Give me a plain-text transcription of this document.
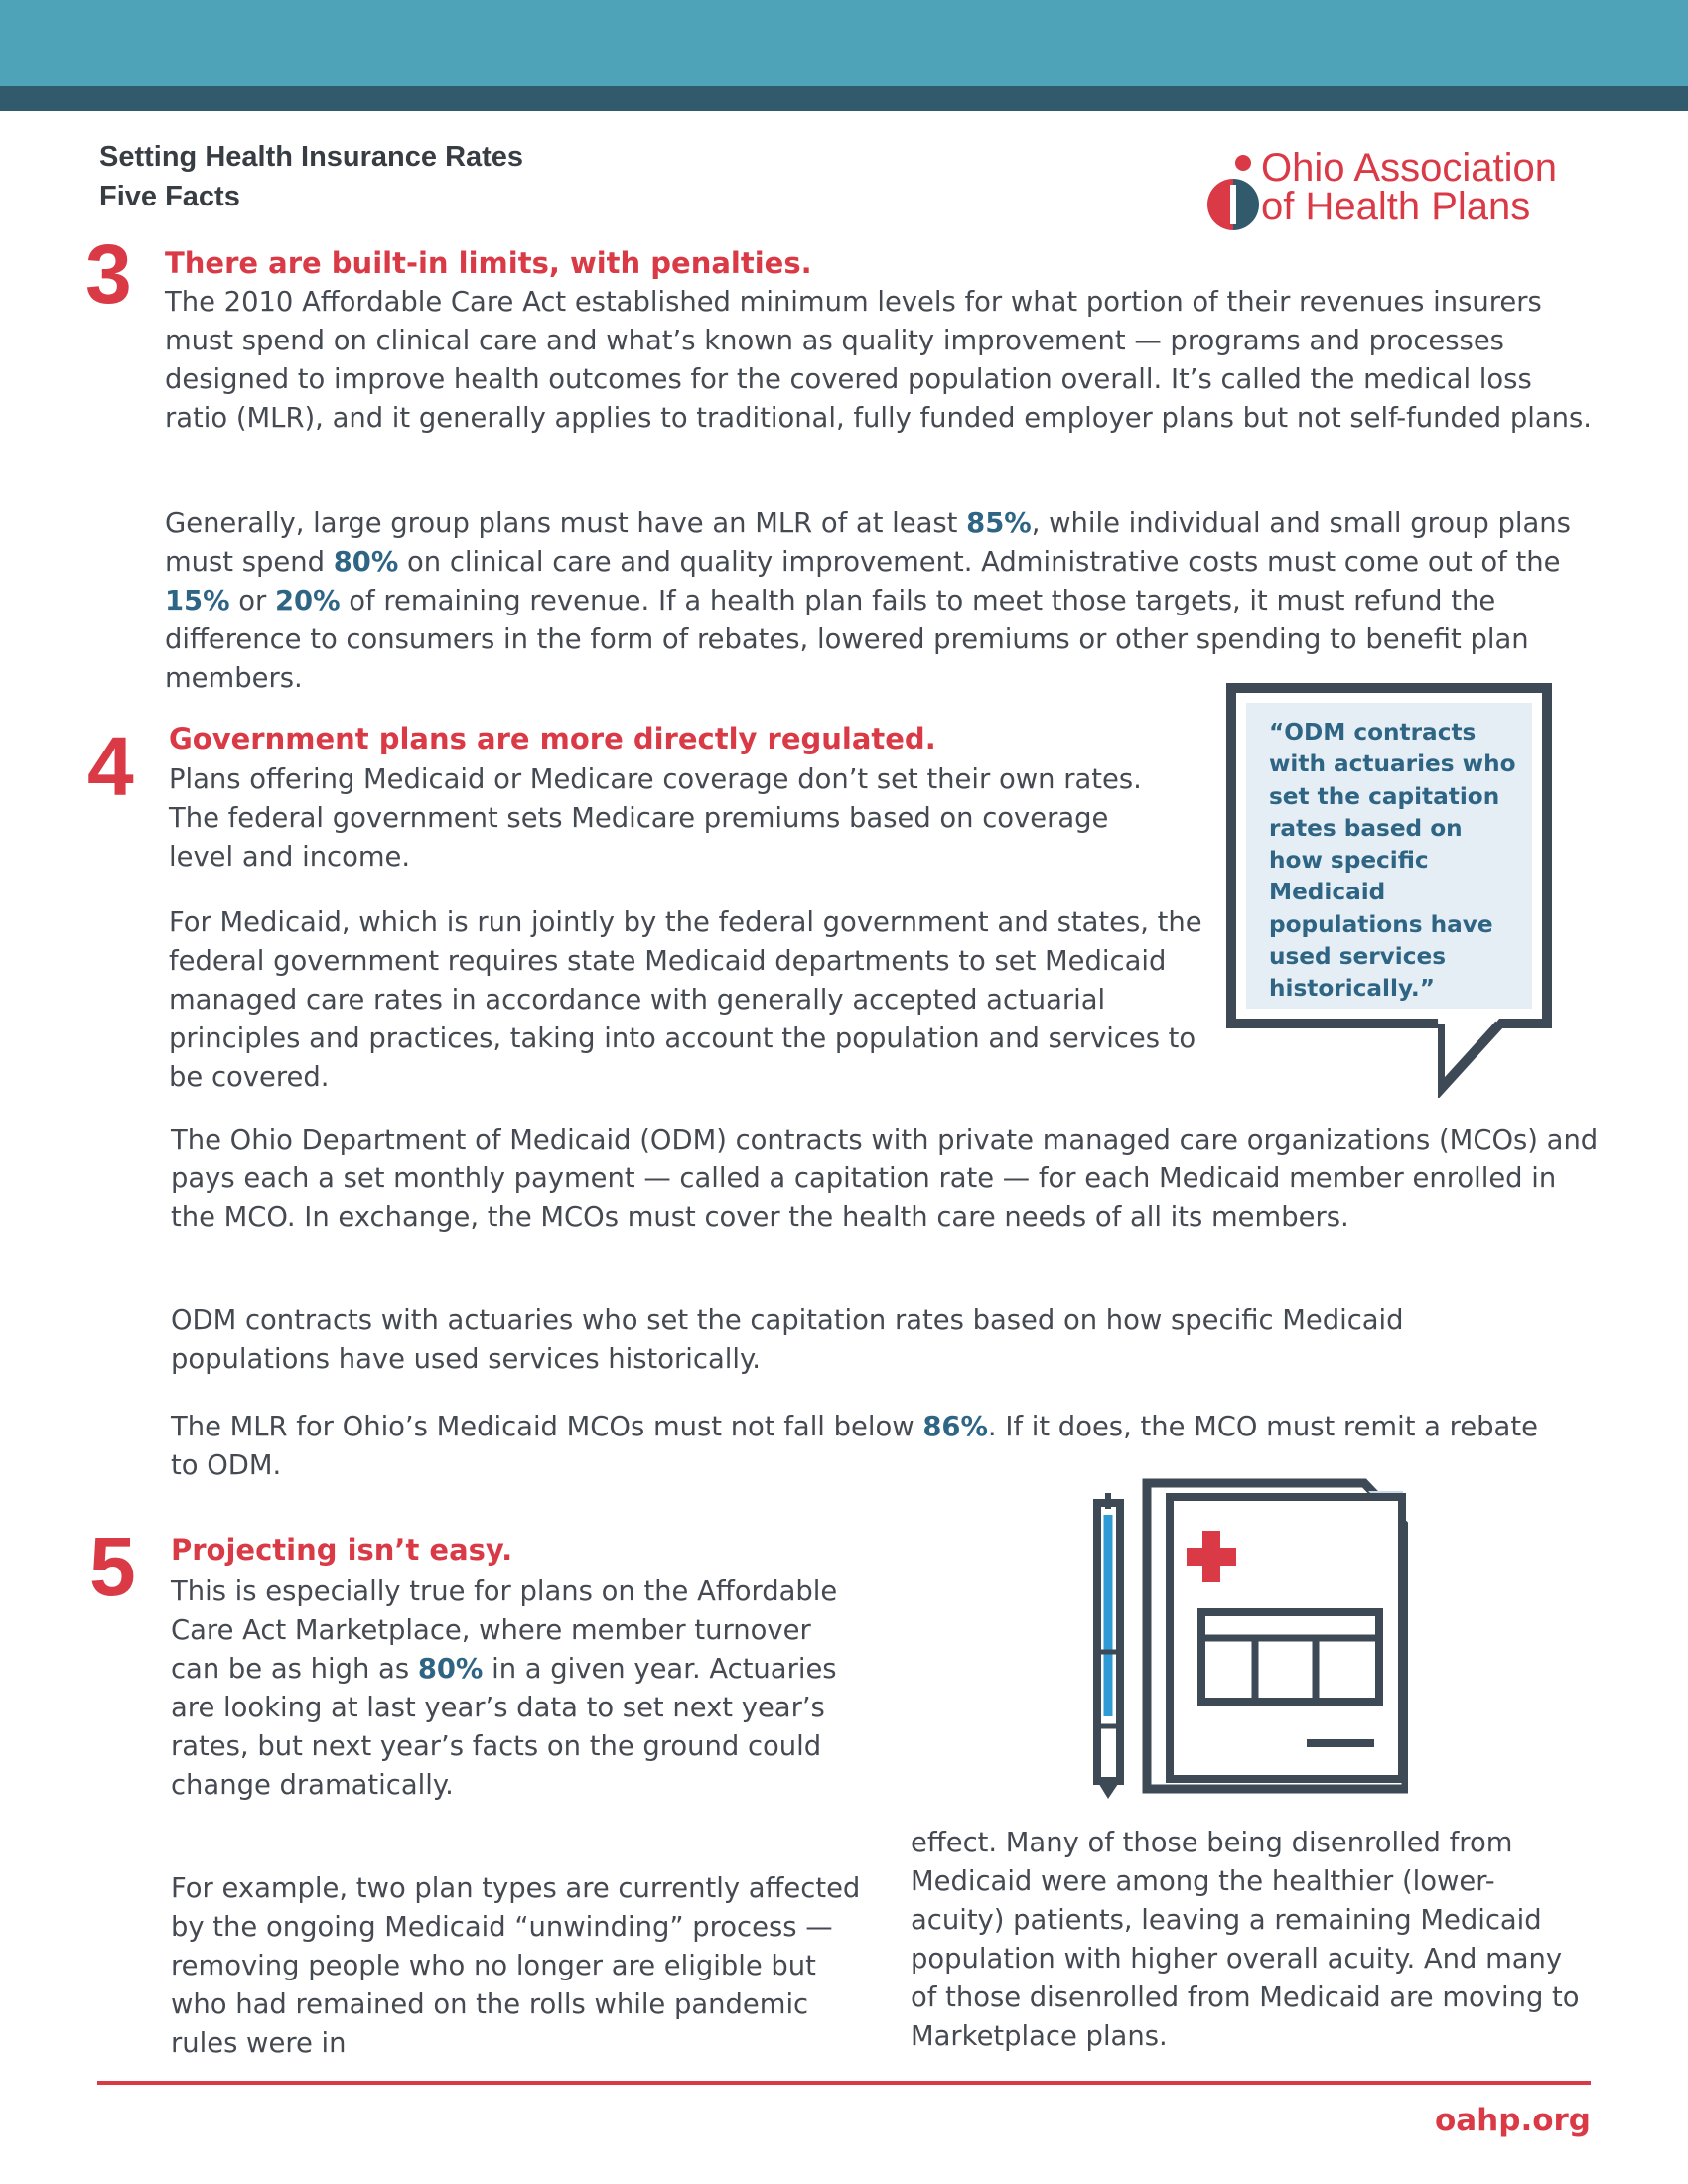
Setting Health Insurance Rates
Five Facts
Ohio Association
of Health Plans
3 There are built-in limits, with penalties.
The 2010 Affordable Care Act established minimum levels for what portion of their revenues insurers must spend on clinical care and what’s known as quality improvement — programs and processes designed to improve health outcomes for the covered population overall. It’s called the medical loss ratio (MLR), and it generally applies to traditional, fully funded employer plans but not self-funded plans.
Generally, large group plans must have an MLR of at least 85%, while individual and small group plans must spend 80% on clinical care and quality improvement. Administrative costs must come out of the 15% or 20% of remaining revenue. If a health plan fails to meet those targets, it must refund the difference to consumers in the form of rebates, lowered premiums or other spending to benefit plan members.
4 Government plans are more directly regulated.
Plans offering Medicaid or Medicare coverage don’t set their own rates. The federal government sets Medicare premiums based on coverage level and income.
For Medicaid, which is run jointly by the federal government and states, the federal government requires state Medicaid departments to set Medicaid managed care rates in accordance with generally accepted actuarial principles and practices, taking into account the population and services to be covered.
The Ohio Department of Medicaid (ODM) contracts with private managed care organizations (MCOs) and pays each a set monthly payment — called a capitation rate — for each Medicaid member enrolled in the MCO. In exchange, the MCOs must cover the health care needs of all its members.
ODM contracts with actuaries who set the capitation rates based on how specific Medicaid populations have used services historically.
The MLR for Ohio’s Medicaid MCOs must not fall below 86%. If it does, the MCO must remit a rebate to ODM.
“ODM contracts with actuaries who set the capitation rates based on how specific Medicaid populations have used services historically.”
5 Projecting isn’t easy.
This is especially true for plans on the Affordable Care Act Marketplace, where member turnover can be as high as 80% in a given year. Actuaries are looking at last year’s data to set next year’s rates, but next year’s facts on the ground could change dramatically.
For example, two plan types are currently affected by the ongoing Medicaid “unwinding” process — removing people who no longer are eligible but who had remained on the rolls while pandemic rules were in
effect. Many of those being disenrolled from Medicaid were among the healthier (lower-acuity) patients, leaving a remaining Medicaid population with higher overall acuity. And many of those disenrolled from Medicaid are moving to Marketplace plans.
oahp.org
